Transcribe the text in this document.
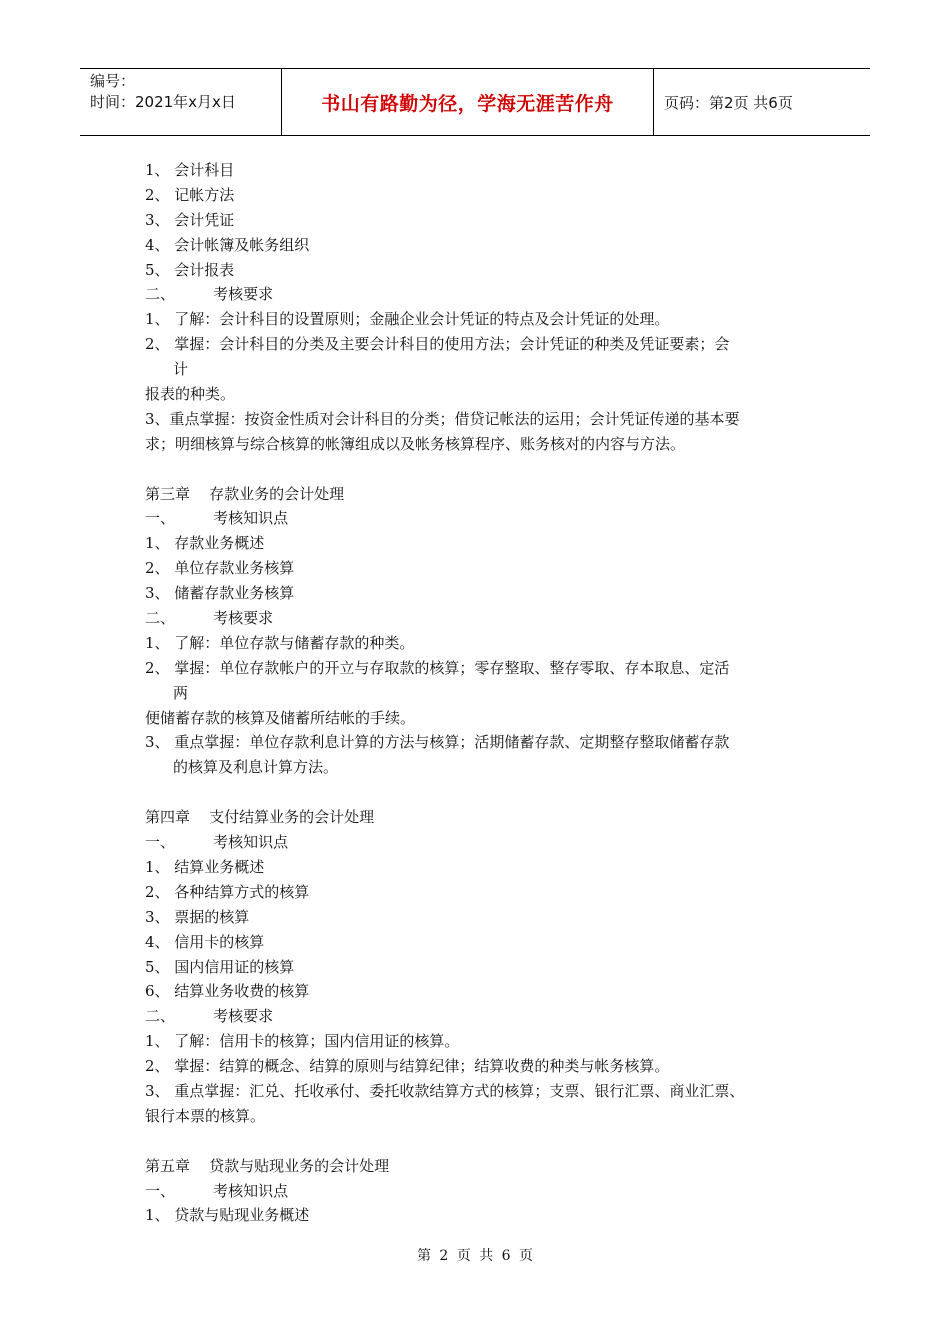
编号：
时间：2021年x月x日	书山有路勤为径，学海无涯苦作舟	页码：第2页 共6页
1、 会计科目
2、 记帐方法
3、 会计凭证
4、 会计帐簿及帐务组织
5、 会计报表
二、        考核要求
1、 了解：会计科目的设置原则；金融企业会计凭证的特点及会计凭证的处理。
2、 掌握：会计科目的分类及主要会计科目的使用方法；会计凭证的种类及凭证要素；会
计
报表的种类。
3、重点掌握：按资金性质对会计科目的分类；借贷记帐法的运用；会计凭证传递的基本要
求；明细核算与综合核算的帐簿组成以及帐务核算程序、账务核对的内容与方法。
第三章    存款业务的会计处理
一、        考核知识点
1、 存款业务概述
2、 单位存款业务核算
3、 储蓄存款业务核算
二、        考核要求
1、 了解：单位存款与储蓄存款的种类。
2、 掌握：单位存款帐户的开立与存取款的核算；零存整取、整存零取、存本取息、定活
两
便储蓄存款的核算及储蓄所结帐的手续。
3、 重点掌握：单位存款利息计算的方法与核算；活期储蓄存款、定期整存整取储蓄存款
的核算及利息计算方法。
第四章    支付结算业务的会计处理
一、        考核知识点
1、 结算业务概述
2、 各种结算方式的核算
3、 票据的核算
4、 信用卡的核算
5、 国内信用证的核算
6、 结算业务收费的核算
二、        考核要求
1、 了解：信用卡的核算；国内信用证的核算。
2、 掌握：结算的概念、结算的原则与结算纪律；结算收费的种类与帐务核算。
3、 重点掌握：汇兑、托收承付、委托收款结算方式的核算；支票、银行汇票、商业汇票、
银行本票的核算。
第五章    贷款与贴现业务的会计处理
一、        考核知识点
1、 贷款与贴现业务概述
第 2 页 共 6 页
